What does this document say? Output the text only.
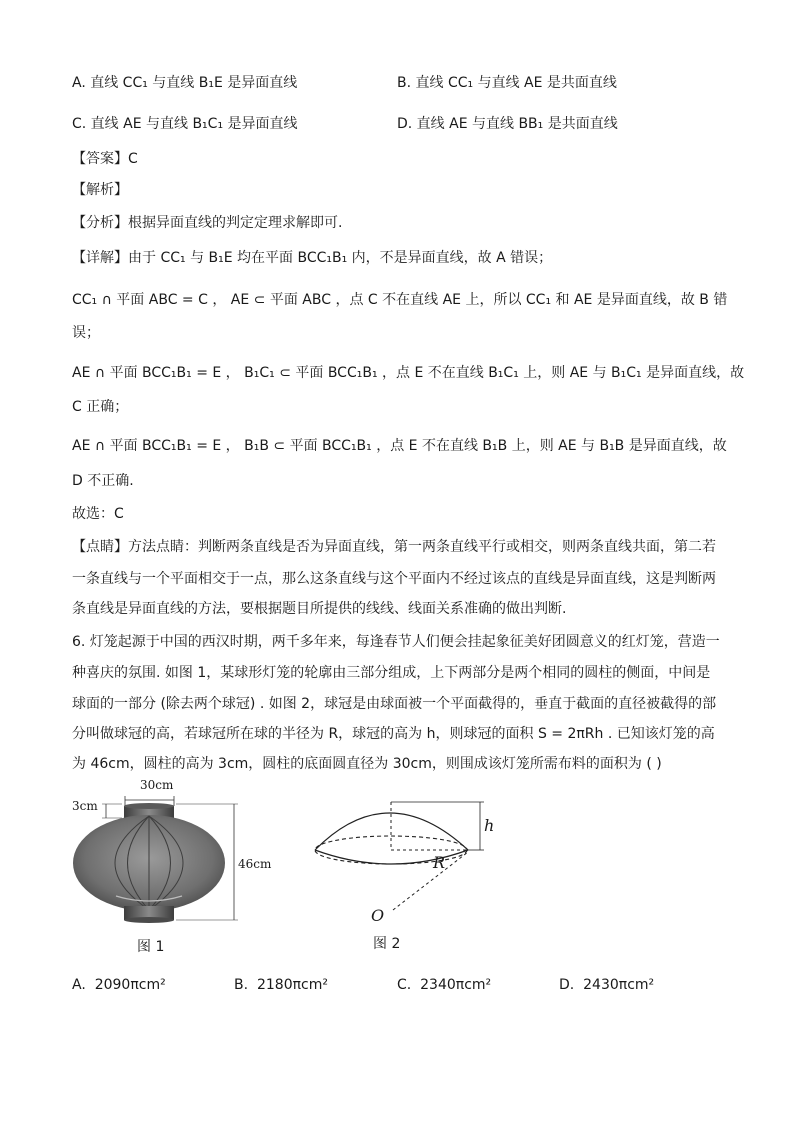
A. 直线 CC₁ 与直线 B₁E 是异面直线	B. 直线 CC₁ 与直线 AE 是共面直线
C. 直线 AE 与直线 B₁C₁ 是异面直线	D. 直线 AE 与直线 BB₁ 是共面直线
【答案】C
【解析】
【分析】根据异面直线的判定定理求解即可.
【详解】由于 CC₁ 与 B₁E 均在平面 BCC₁B₁ 内，不是异面直线，故 A 错误；
CC₁ ∩ 平面 ABC = C ， AE ⊂ 平面 ABC ，点 C 不在直线 AE 上，所以 CC₁ 和 AE 是异面直线，故 B 错
误；
AE ∩ 平面 BCC₁B₁ = E ， B₁C₁ ⊂ 平面 BCC₁B₁ ，点 E 不在直线 B₁C₁ 上，则 AE 与 B₁C₁ 是异面直线，故
C 正确；
AE ∩ 平面 BCC₁B₁ = E ， B₁B ⊂ 平面 BCC₁B₁ ，点 E 不在直线 B₁B 上，则 AE 与 B₁B 是异面直线，故
D 不正确.
故选：C
【点睛】方法点睛：判断两条直线是否为异面直线，第一两条直线平行或相交，则两条直线共面，第二若
一条直线与一个平面相交于一点，那么这条直线与这个平面内不经过该点的直线是异面直线，这是判断两
条直线是异面直线的方法，要根据题目所提供的线线、线面关系准确的做出判断.
6. 灯笼起源于中国的西汉时期，两千多年来，每逢春节人们便会挂起象征美好团圆意义的红灯笼，营造一
种喜庆的氛围. 如图 1，某球形灯笼的轮廓由三部分组成，上下两部分是两个相同的圆柱的侧面，中间是
球面的一部分 (除去两个球冠) . 如图 2，球冠是由球面被一个平面截得的，垂直于截面的直径被截得的部
分叫做球冠的高，若球冠所在球的半径为 R，球冠的高为 h，则球冠的面积 S = 2πRh . 已知该灯笼的高
为 46cm，圆柱的高为 3cm，圆柱的底面圆直径为 30cm，则围成该灯笼所需布料的面积为 ( )
30cm
3cm
46cm
图 1
h
R
O
图 2
A. 2090πcm²	B. 2180πcm²	C. 2340πcm²	D. 2430πcm²
